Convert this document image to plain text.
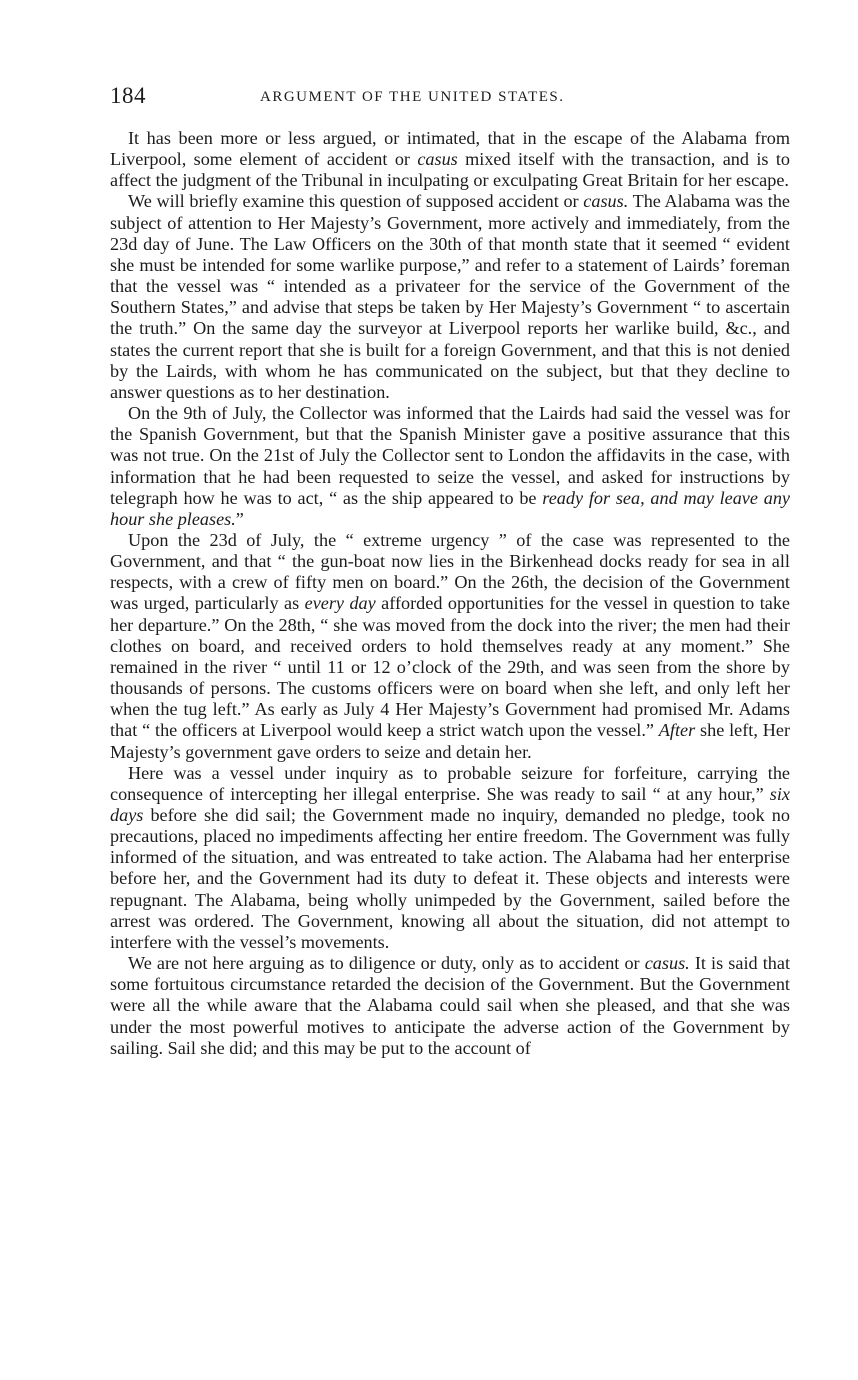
184	ARGUMENT OF THE UNITED STATES.

It has been more or less argued, or intimated, that in the escape of the Alabama from Liverpool, some element of accident or casus mixed itself with the transaction, and is to affect the judgment of the Tribunal in inculpating or exculpating Great Britain for her escape.

We will briefly examine this question of supposed accident or casus. The Alabama was the subject of attention to Her Majesty’s Government, more actively and immediately, from the 23d day of June. The Law Officers on the 30th of that month state that it seemed “ evident she must be intended for some warlike purpose,” and refer to a statement of Lairds’ foreman that the vessel was “ intended as a privateer for the service of the Government of the Southern States,” and advise that steps be taken by Her Majesty’s Government “ to ascertain the truth.” On the same day the surveyor at Liverpool reports her warlike build, &c., and states the current report that she is built for a foreign Government, and that this is not denied by the Lairds, with whom he has communicated on the subject, but that they decline to answer questions as to her destination.

On the 9th of July, the Collector was informed that the Lairds had said the vessel was for the Spanish Government, but that the Spanish Minister gave a positive assurance that this was not true. On the 21st of July the Collector sent to London the affidavits in the case, with information that he had been requested to seize the vessel, and asked for instructions by telegraph how he was to act, “ as the ship appeared to be ready for sea, and may leave any hour she pleases.”

Upon the 23d of July, the “ extreme urgency ” of the case was represented to the Government, and that “ the gun-boat now lies in the Birkenhead docks ready for sea in all respects, with a crew of fifty men on board.” On the 26th, the decision of the Government was urged, particularly as every day afforded opportunities for the vessel in question to take her departure.” On the 28th, “ she was moved from the dock into the river; the men had their clothes on board, and received orders to hold themselves ready at any moment.” She remained in the river “ until 11 or 12 o’clock of the 29th, and was seen from the shore by thousands of persons. The customs officers were on board when she left, and only left her when the tug left.” As early as July 4 Her Majesty’s Government had promised Mr. Adams that “ the officers at Liverpool would keep a strict watch upon the vessel.” After she left, Her Majesty’s government gave orders to seize and detain her.

Here was a vessel under inquiry as to probable seizure for forfeiture, carrying the consequence of intercepting her illegal enterprise. She was ready to sail “ at any hour,” six days before she did sail; the Government made no inquiry, demanded no pledge, took no precautions, placed no impediments affecting her entire freedom. The Government was fully informed of the situation, and was entreated to take action. The Alabama had her enterprise before her, and the Government had its duty to defeat it. These objects and interests were repugnant. The Alabama, being wholly unimpeded by the Government, sailed before the arrest was ordered. The Government, knowing all about the situation, did not attempt to interfere with the vessel’s movements.

We are not here arguing as to diligence or duty, only as to accident or casus. It is said that some fortuitous circumstance retarded the decision of the Government. But the Government were all the while aware that the Alabama could sail when she pleased, and that she was under the most powerful motives to anticipate the adverse action of the Government by sailing. Sail she did; and this may be put to the account of
